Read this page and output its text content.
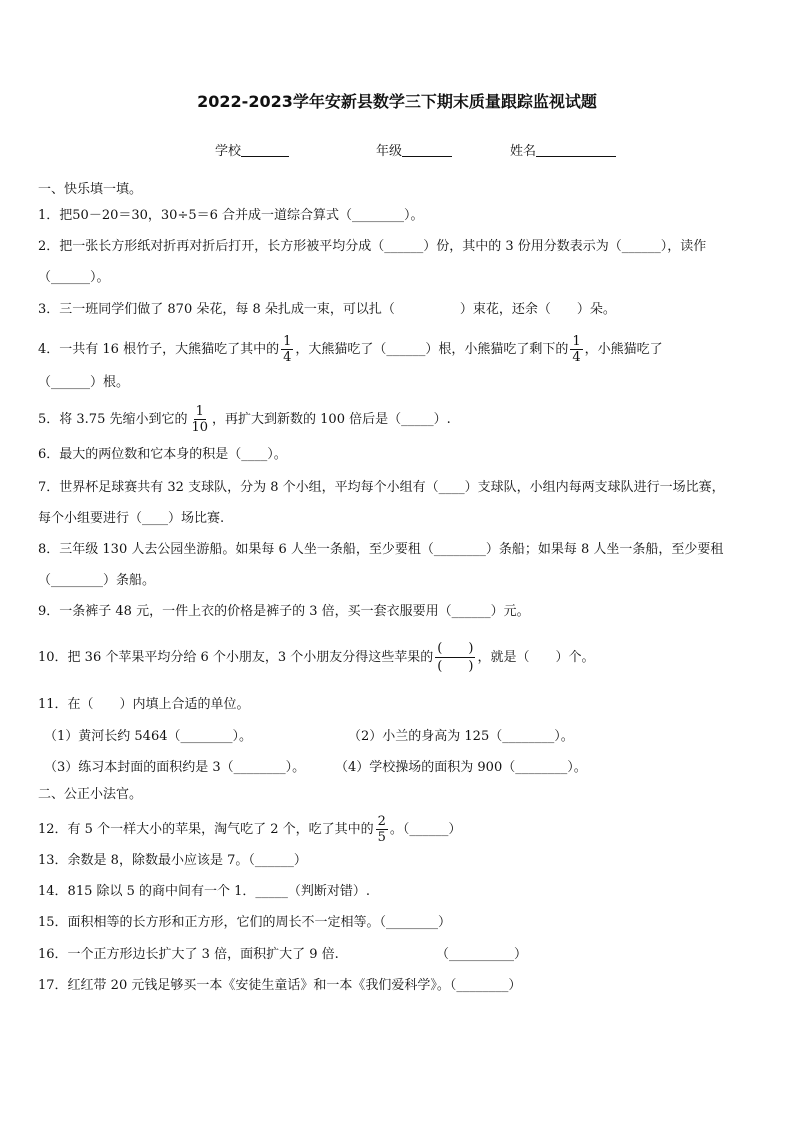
2022-2023学年安新县数学三下期末质量跟踪监视试题
学校	年级	姓名
一、快乐填一填。
1．把50－20＝30，30÷5＝6 合并成一道综合算式（________）。
2．把一张长方形纸对折再对折后打开，长方形被平均分成（______）份，其中的 3 份用分数表示为（______），读作
（______）。
3．三一班同学们做了 870 朵花，每 8 朵扎成一束，可以扎（　　　　　）束花，还余（　　）朵。
4．一共有 16 根竹子，大熊猫吃了其中的 $\frac{1}{4}$ ，大熊猫吃了（______）根，小熊猫吃了剩下的 $\frac{1}{4}$ ，小熊猫吃了
（______）根。
5．将 3.75 先缩小到它的 $\frac{1}{10}$ ，再扩大到新数的 100 倍后是（_____）.
6．最大的两位数和它本身的积是（____）。
7．世界杯足球赛共有 32 支球队，分为 8 个小组，平均每个小组有（____）支球队，小组内每两支球队进行一场比赛，
每个小组要进行（____）场比赛.
8．三年级 130 人去公园坐游船。如果每 6 人坐一条船，至少要租（________）条船；如果每 8 人坐一条船，至少要租
（________）条船。
9．一条裤子 48 元，一件上衣的价格是裤子的 3 倍，买一套衣服要用（______）元。
10．把 36 个苹果平均分给 6 个小朋友，3 个小朋友分得这些苹果的
(　　)
(　　)
，就是（　　）个。
11．在（　　）内填上合适的单位。
（1）黄河长约 5464（________）。	（2）小兰的身高为 125（________）。
（3）练习本封面的面积约是 3（________）。	（4）学校操场的面积为 900（________）。
二、公正小法官。
12．有 5 个一样大小的苹果，淘气吃了 2 个，吃了其中的 $\frac{2}{5}$ 。（______）
13．余数是 8，除数最小应该是 7。（______）
14．815 除以 5 的商中间有一个 1．_____（判断对错）.
15．面积相等的长方形和正方形，它们的周长不一定相等。（________）
16．一个正方形边长扩大了 3 倍，面积扩大了 9 倍.	（__________）
17．红红带 20 元钱足够买一本《安徒生童话》和一本《我们爱科学》。（________）
